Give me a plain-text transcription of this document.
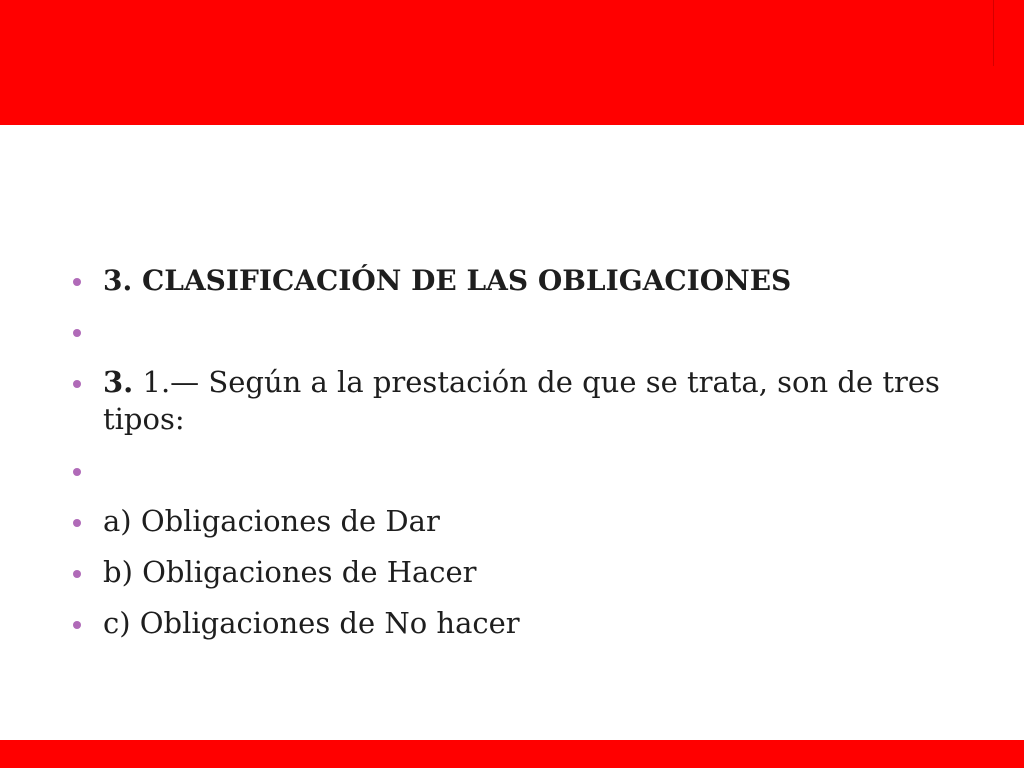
3. CLASIFICACIÓN DE LAS OBLIGACIONES
3. 1.— Según a la prestación de que se trata, son de tres tipos:
a) Obligaciones de Dar
b) Obligaciones de Hacer
c) Obligaciones de No hacer
